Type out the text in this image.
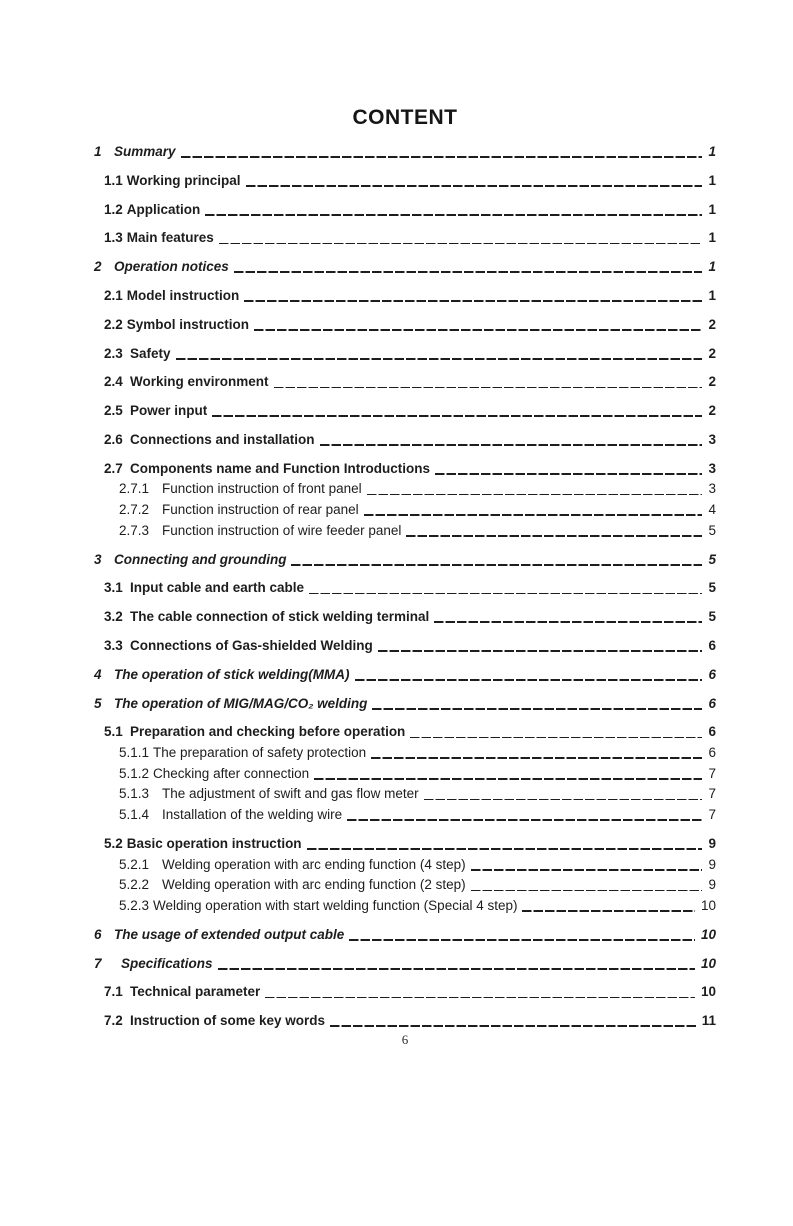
CONTENT
1 Summary	1
1.1 Working principal	1
1.2 Application	1
1.3 Main features	1
2 Operation notices	1
2.1 Model instruction	1
2.2 Symbol instruction	2
2.3 Safety	2
2.4 Working environment	2
2.5 Power input	2
2.6 Connections and installation	3
2.7 Components name and Function Introductions	3
2.7.1 Function instruction of front panel	3
2.7.2 Function instruction of rear panel	4
2.7.3 Function instruction of wire feeder panel	5
3 Connecting and grounding	5
3.1 Input cable and earth cable	5
3.2 The cable connection of stick welding terminal	5
3.3 Connections of Gas-shielded Welding	6
4 The operation of stick welding(MMA)	6
5 The operation of MIG/MAG/CO₂ welding	6
5.1 Preparation and checking before operation	6
5.1.1 The preparation of safety protection	6
5.1.2 Checking after connection	7
5.1.3 The adjustment of swift and gas flow meter	7
5.1.4 Installation of the welding wire	7
5.2 Basic operation instruction	9
5.2.1 Welding operation with arc ending function (4 step)	9
5.2.2 Welding operation with arc ending function (2 step)	9
5.2.3 Welding operation with start welding function (Special 4 step)	10
6 The usage of extended output cable	10
7	Specifications	10
7.1 Technical parameter	10
7.2 Instruction of some key words	11
6
